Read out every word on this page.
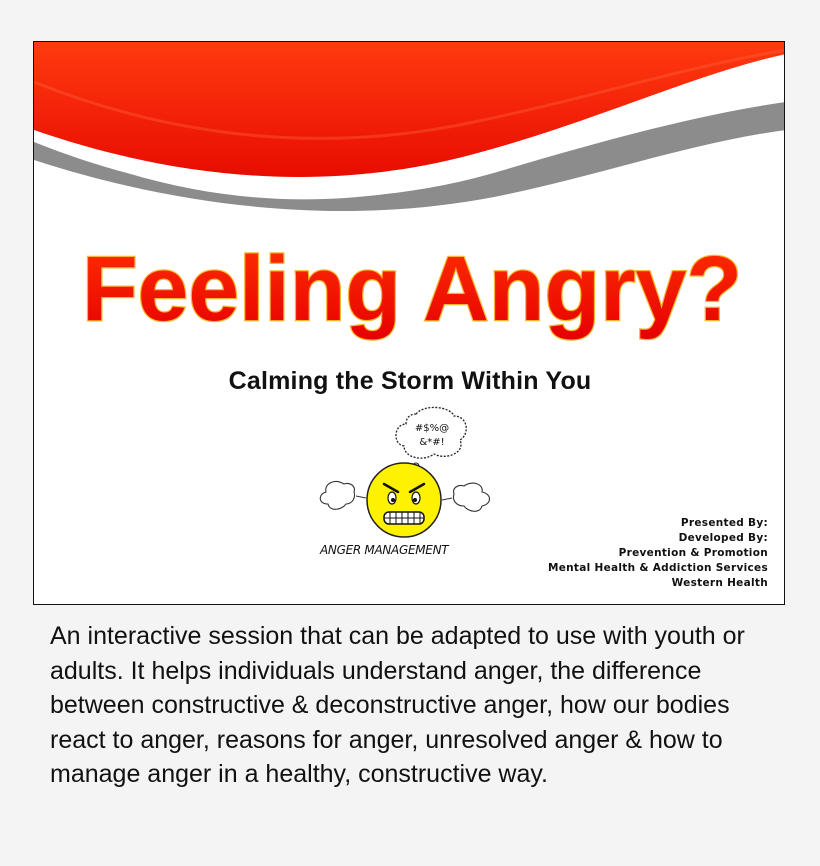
Feeling Angry?
Calming the Storm Within You
#$%@
&*#!
ANGER MANAGEMENT
Presented By:
Developed By:
Prevention & Promotion
Mental Health & Addiction Services
Western Health
An interactive session that can be adapted to use with youth or adults. It helps individuals understand anger, the difference between constructive & deconstructive anger, how our bodies react to anger, reasons for anger, unresolved anger & how to manage anger in a healthy, constructive way.
